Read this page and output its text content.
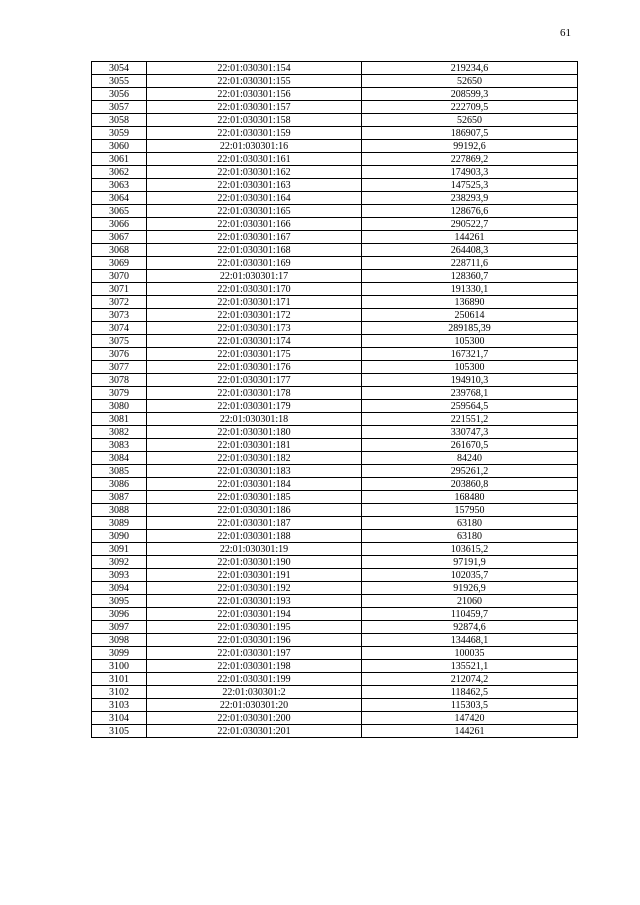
61
3054	22:01:030301:154	219234,6
3055	22:01:030301:155	52650
3056	22:01:030301:156	208599,3
3057	22:01:030301:157	222709,5
3058	22:01:030301:158	52650
3059	22:01:030301:159	186907,5
3060	22:01:030301:16	99192,6
3061	22:01:030301:161	227869,2
3062	22:01:030301:162	174903,3
3063	22:01:030301:163	147525,3
3064	22:01:030301:164	238293,9
3065	22:01:030301:165	128676,6
3066	22:01:030301:166	290522,7
3067	22:01:030301:167	144261
3068	22:01:030301:168	264408,3
3069	22:01:030301:169	228711,6
3070	22:01:030301:17	128360,7
3071	22:01:030301:170	191330,1
3072	22:01:030301:171	136890
3073	22:01:030301:172	250614
3074	22:01:030301:173	289185,39
3075	22:01:030301:174	105300
3076	22:01:030301:175	167321,7
3077	22:01:030301:176	105300
3078	22:01:030301:177	194910,3
3079	22:01:030301:178	239768,1
3080	22:01:030301:179	259564,5
3081	22:01:030301:18	221551,2
3082	22:01:030301:180	330747,3
3083	22:01:030301:181	261670,5
3084	22:01:030301:182	84240
3085	22:01:030301:183	295261,2
3086	22:01:030301:184	203860,8
3087	22:01:030301:185	168480
3088	22:01:030301:186	157950
3089	22:01:030301:187	63180
3090	22:01:030301:188	63180
3091	22:01:030301:19	103615,2
3092	22:01:030301:190	97191,9
3093	22:01:030301:191	102035,7
3094	22:01:030301:192	91926,9
3095	22:01:030301:193	21060
3096	22:01:030301:194	110459,7
3097	22:01:030301:195	92874,6
3098	22:01:030301:196	134468,1
3099	22:01:030301:197	100035
3100	22:01:030301:198	135521,1
3101	22:01:030301:199	212074,2
3102	22:01:030301:2	118462,5
3103	22:01:030301:20	115303,5
3104	22:01:030301:200	147420
3105	22:01:030301:201	144261
